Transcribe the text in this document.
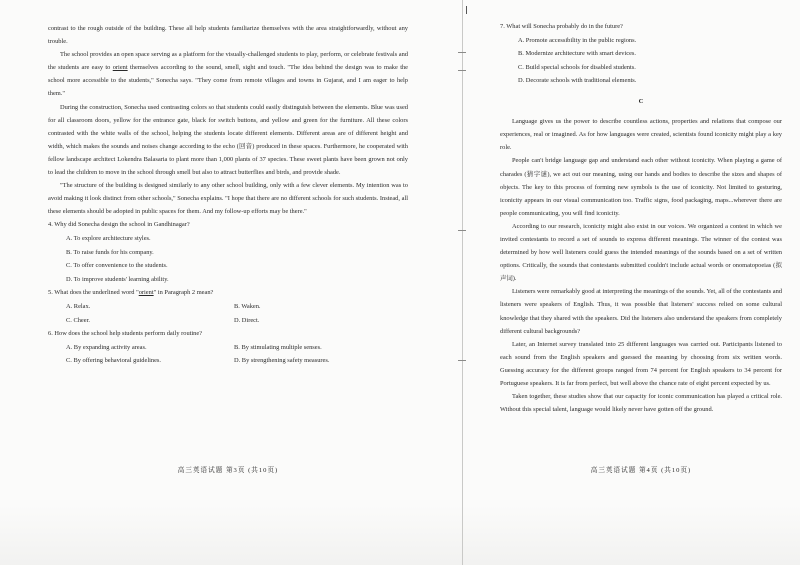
contrast to the rough outside of the building. These all help students familiarize themselves with the area straightforwardly, without any trouble.

The school provides an open space serving as a platform for the visually-challenged students to play, perform, or celebrate festivals and the students are easy to orient themselves according to the sound, smell, sight and touch. "The idea behind the design was to make the school more accessible to the students," Sonecha says. "They come from remote villages and towns in Gujarat, and I am eager to help them."

During the construction, Sonecha used contrasting colors so that students could easily distinguish between the elements. Blue was used for all classroom doors, yellow for the entrance gate, black for switch buttons, and yellow and green for the furniture. All these colors contrasted with the white walls of the school, helping the students locate different elements. Different areas are of different height and width, which makes the sounds and noises change according to the echo (回音) produced in these spaces. Furthermore, he cooperated with fellow landscape architect Lokendra Balasaria to plant more than 1,000 plants of 37 species. These sweet plants have been grown not only to lead the children to move in the school through smell but also to attract butterflies and birds, and provide shade.

"The structure of the building is designed similarly to any other school building, only with a few clever elements. My intention was to avoid making it look distinct from other schools," Sonecha explains. "I hope that there are no different schools for such students. Instead, all these elements should be adopted in public spaces for them. And my follow-up efforts may be there."

4. Why did Sonecha design the school in Gandhinagar?

A. To explore architecture styles.

B. To raise funds for his company.

C. To offer convenience to the students.

D. To improve students' learning ability.

5. What does the underlined word "orient" in Paragraph 2 mean?

A. Relax.	B. Waken.

C. Cheer.	D. Direct.

6. How does the school help students perform daily routine?

A. By expanding activity areas.	B. By stimulating multiple senses.

C. By offering behavioral guidelines.	D. By strengthening safety measures.

高三英语试题 第3页 (共10页)

7. What will Sonecha probably do in the future?

A. Promote accessibility in the public regions.

B. Modernize architecture with smart devices.

C. Build special schools for disabled students.

D. Decorate schools with traditional elements.

C

Language gives us the power to describe countless actions, properties and relations that compose our experiences, real or imagined. As for how languages were created, scientists found iconicity might play a key role.

People can't bridge language gap and understand each other without iconicity. When playing a game of charades (猜字谜), we act out our meaning, using our hands and bodies to describe the sizes and shapes of objects. The key to this process of forming new symbols is the use of iconicity. Not limited to gesturing, iconicity appears in our visual communication too. Traffic signs, food packaging, maps...wherever there are people communicating, you will find iconicity.

According to our research, iconicity might also exist in our voices. We organized a contest in which we invited contestants to record a set of sounds to express different meanings. The winner of the contest was determined by how well listeners could guess the intended meanings of the sounds based on a set of written options. Critically, the sounds that contestants submitted couldn't include actual words or onomatopoeias (拟声词).

Listeners were remarkably good at interpreting the meanings of the sounds. Yet, all of the contestants and listeners were speakers of English. Thus, it was possible that listeners' success relied on some cultural knowledge that they shared with the speakers. Did the listeners also understand the speakers from completely different cultural backgrounds?

Later, an Internet survey translated into 25 different languages was carried out. Participants listened to each sound from the English speakers and guessed the meaning by choosing from six written words. Guessing accuracy for the different groups ranged from 74 percent for English speakers to 34 percent for Portuguese speakers. It is far from perfect, but well above the chance rate of eight percent expected by us.

Taken together, these studies show that our capacity for iconic communication has played a critical role. Without this special talent, language would likely never have gotten off the ground.

高三英语试题 第4页 (共10页)
